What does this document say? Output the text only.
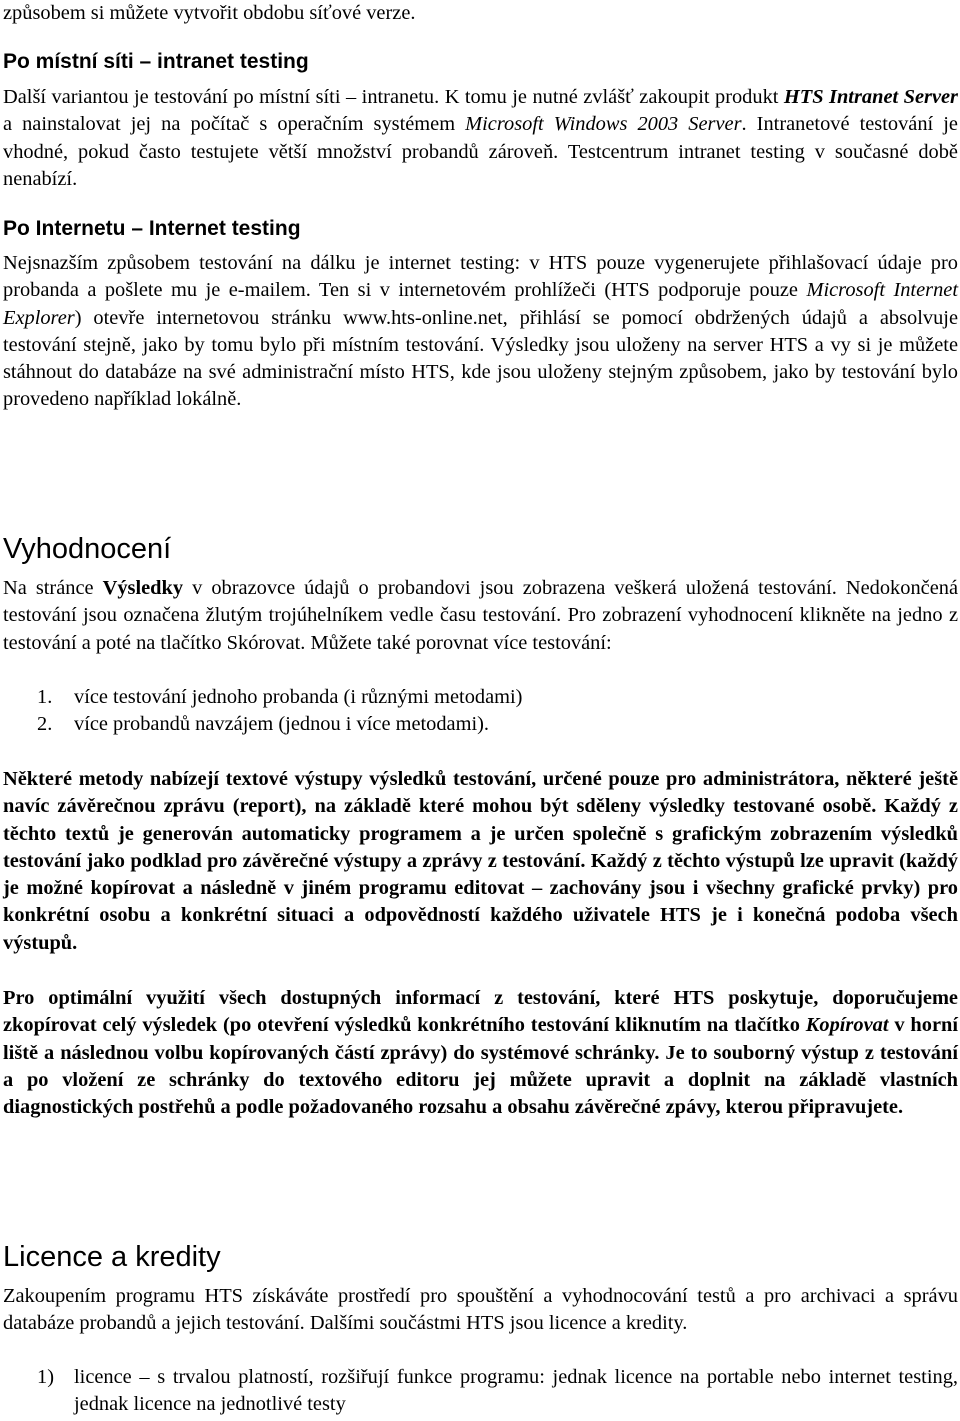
způsobem si můžete vytvořit obdobu síťové verze.

Po místní síti – intranet testing

Další variantou je testování po místní síti – intranetu. K tomu je nutné zvlášť zakoupit produkt HTS Intranet Server a nainstalovat jej na počítač s operačním systémem Microsoft Windows 2003 Server. Intranetové testování je vhodné, pokud často testujete větší množství probandů zároveň. Testcentrum intranet testing v současné době nenabízí.

Po Internetu – Internet testing

Nejsnazším způsobem testování na dálku je internet testing: v HTS pouze vygenerujete přihlašovací údaje pro probanda a pošlete mu je e-mailem. Ten si v internetovém prohlížeči (HTS podporuje pouze Microsoft Internet Explorer) otevře internetovou stránku www.hts-online.net, přihlásí se pomocí obdržených údajů a absolvuje testování stejně, jako by tomu bylo při místním testování. Výsledky jsou uloženy na server HTS a vy si je můžete stáhnout do databáze na své administrační místo HTS, kde jsou uloženy stejným způsobem, jako by testování bylo provedeno například lokálně.

Vyhodnocení

Na stránce Výsledky v obrazovce údajů o probandovi jsou zobrazena veškerá uložená testování. Nedokončená testování jsou označena žlutým trojúhelníkem vedle času testování. Pro zobrazení vyhodnocení klikněte na jedno z testování a poté na tlačítko Skórovat. Můžete také porovnat více testování:

1.	více testování jednoho probanda (i různými metodami)
2.	více probandů navzájem (jednou i více metodami).

Některé metody nabízejí textové výstupy výsledků testování, určené pouze pro administrátora, některé ještě navíc závěrečnou zprávu (report), na základě které mohou být sděleny výsledky testované osobě. Každý z těchto textů je generován automaticky programem a je určen společně s grafickým zobrazením výsledků testování jako podklad pro závěrečné výstupy a zprávy z testování. Každý z těchto výstupů lze upravit (každý je možné kopírovat a následně v jiném programu editovat – zachovány jsou i všechny grafické prvky) pro konkrétní osobu a konkrétní situaci a odpovědností každého uživatele HTS je i konečná podoba všech výstupů.

Pro optimální využití všech dostupných informací z testování, které HTS poskytuje, doporučujeme zkopírovat celý výsledek (po otevření výsledků konkrétního testování kliknutím na tlačítko Kopírovat v horní liště a následnou volbu kopírovaných částí zprávy) do systémové schránky. Je to souborný výstup z testování a po vložení ze schránky do textového editoru jej můžete upravit a doplnit na základě vlastních diagnostických postřehů a podle požadovaného rozsahu a obsahu závěrečné zpávy, kterou připravujete.

Licence a kredity

Zakoupením programu HTS získáváte prostředí pro spouštění a vyhodnocování testů a pro archivaci a správu databáze probandů a jejich testování. Dalšími součástmi HTS jsou licence a kredity.

1) licence – s trvalou platností, rozšiřují funkce programu: jednak licence na portable nebo internet testing, jednak licence na jednotlivé testy
